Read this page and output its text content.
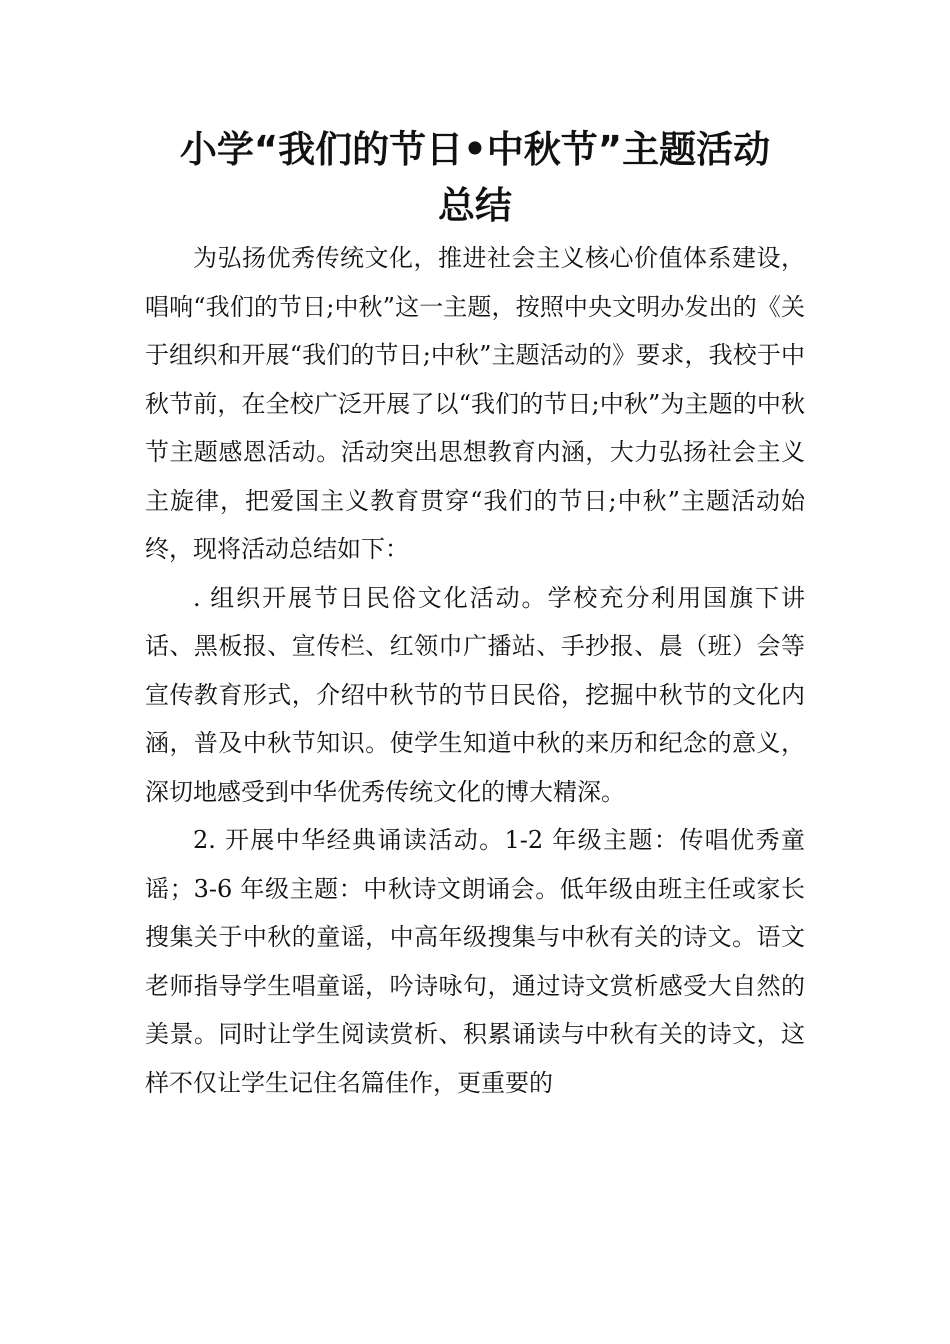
小学“我们的节日•中秋节”主题活动
总结

为弘扬优秀传统文化，推进社会主义核心价值体系建设，唱响“我们的节日;中秋”这一主题，按照中央文明办发出的《关于组织和开展“我们的节日;中秋”主题活动的》要求，我校于中秋节前，在全校广泛开展了以“我们的节日;中秋”为主题的中秋节主题感恩活动。活动突出思想教育内涵，大力弘扬社会主义主旋律，把爱国主义教育贯穿“我们的节日;中秋”主题活动始终，现将活动总结如下：

. 组织开展节日民俗文化活动。学校充分利用国旗下讲话、黑板报、宣传栏、红领巾广播站、手抄报、晨（班）会等宣传教育形式，介绍中秋节的节日民俗，挖掘中秋节的文化内涵，普及中秋节知识。使学生知道中秋的来历和纪念的意义，深切地感受到中华优秀传统文化的博大精深。

2. 开展中华经典诵读活动。1-2 年级主题：传唱优秀童谣；3-6 年级主题：中秋诗文朗诵会。低年级由班主任或家长搜集关于中秋的童谣，中高年级搜集与中秋有关的诗文。语文老师指导学生唱童谣，吟诗咏句，通过诗文赏析感受大自然的美景。同时让学生阅读赏析、积累诵读与中秋有关的诗文，这样不仅让学生记住名篇佳作，更重要的
